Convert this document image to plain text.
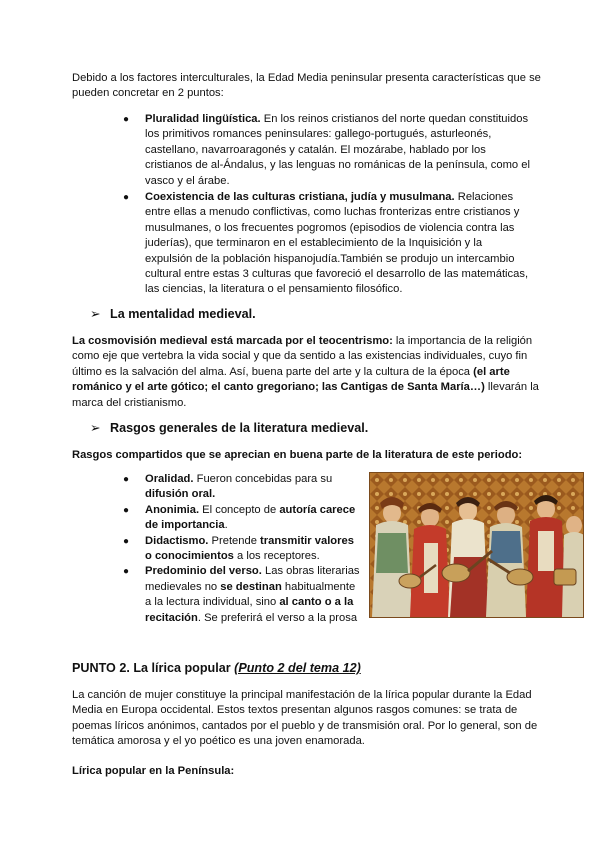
Debido a los factores interculturales, la Edad Media peninsular presenta características que se pueden concretar en 2 puntos:

● Pluralidad lingüística. En los reinos cristianos del norte quedan constituidos los primitivos romances peninsulares: gallego-portugués, asturleonés, castellano, navarroaragonés y catalán. El mozárabe, hablado por los cristianos de al-Ándalus, y las lenguas no románicas de la península, como el vasco y el árabe.
● Coexistencia de las culturas cristiana, judía y musulmana. Relaciones entre ellas a menudo conflictivas, como luchas fronterizas entre cristianos y musulmanes, o los frecuentes pogromos (episodios de violencia contra las juderías), que terminaron en el establecimiento de la Inquisición y la expulsión de la población hispanojudía.También se produjo un intercambio cultural entre estas 3 culturas que favoreció el desarrollo de las matemáticas, las ciencias, la literatura o el pensamiento filosófico.
➢ La mentalidad medieval.

La cosmovisión medieval está marcada por el teocentrismo: la importancia de la religión como eje que vertebra la vida social y que da sentido a las existencias individuales, cuyo fin último es la salvación del alma. Así, buena parte del arte y la cultura de la época (el arte románico y el arte gótico; el canto gregoriano; las Cantigas de Santa María…) llevarán la marca del cristianismo.

➢ Rasgos generales de la literatura medieval.

Rasgos compartidos que se aprecian en buena parte de la literatura de este periodo:

● Oralidad. Fueron concebidas para su difusión oral.
● Anonimia. El concepto de autoría carece de importancia.
● Didactismo. Pretende transmitir valores o conocimientos a los receptores.
● Predominio del verso. Las obras literarias medievales no se destinan habitualmente a la lectura individual, sino al canto o a la recitación. Se preferirá el verso a la prosa
PUNTO 2. La lírica popular (Punto 2 del tema 12)

La canción de mujer constituye la principal manifestación de la lírica popular durante la Edad Media en Europa occidental. Estos textos presentan algunos rasgos comunes: se trata de poemas líricos anónimos, cantados por el pueblo y de transmisión oral. Por lo general, son de temática amorosa y el yo poético es una joven enamorada.

Lírica popular en la Península:
